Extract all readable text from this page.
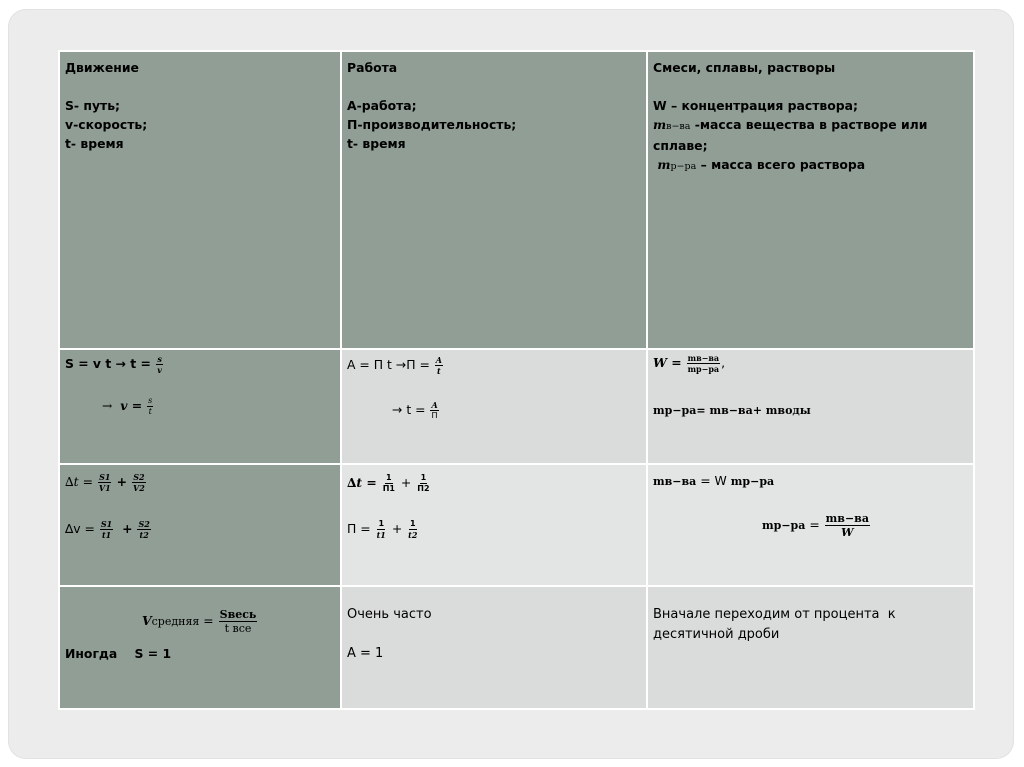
Движение

S- путь;
v-скорость;
t- время
Работа

А-работа;
П-производительность;
t- время
Смеси, сплавы, растворы

W – концентрация раствора;
mв−ва -масса вещества в растворе или
сплаве;
mр−ра – масса всего раствора
S = v $t \to t = \frac{s}{v}$
→ $v = \frac{s}{t}$
А = П $t \to П = \frac{A}{t}$
→ $t = \frac{A}{П}$
$W = \frac{mв-ва}{mр-ра}$ ,
mр−ра= mв−ва+ mводы
$\Delta t = \frac{S1}{V1} + \frac{S2}{V2}$
$\Delta v = \frac{S1}{t1} + \frac{S2}{t2}$
$\Delta t = \frac{1}{П1} + \frac{1}{П2}$
$П = \frac{1}{t1} + \frac{1}{t2}$
mв−ва = W mр−ра
$mр-ра = \frac{mв-ва}{W}$
Vсредняя = $\frac{\text{Sвесь}}{\text{t все}}$
Иногда    S = 1
Очень часто
А = 1
Вначале переходим от процента  к
десятичной дроби
